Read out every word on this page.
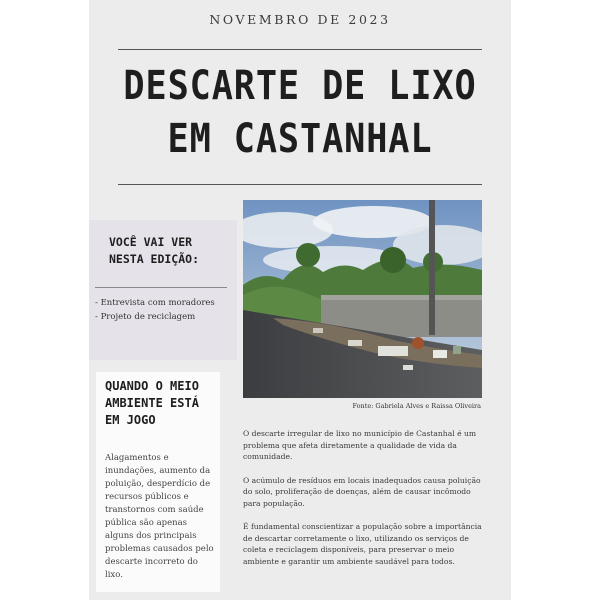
NOVEMBRO DE 2023
DESCARTE DE LIXO
EM CASTANHAL
VOCÊ VAI VER
NESTA EDIÇÃO:
- Entrevista com moradores
- Projeto de reciclagem
Fonte: Gabriela Alves e Raissa Oliveira
QUANDO O MEIO AMBIENTE ESTÁ EM JOGO
Alagamentos e inundações, aumento da poluição, desperdício de recursos públicos e transtornos com saúde pública são apenas alguns dos principais problemas causados pelo descarte incorreto do lixo.

O descarte irregular de lixo no município de Castanhal é um problema que afeta diretamente a qualidade de vida da comunidade.

O acúmulo de resíduos em locais inadequados causa poluição do solo, proliferação de doenças, além de causar incômodo para população.

É fundamental conscientizar a população sobre a importância de descartar corretamente o lixo, utilizando os serviços de coleta e reciclagem disponíveis, para preservar o meio ambiente e garantir um ambiente saudável para todos.
